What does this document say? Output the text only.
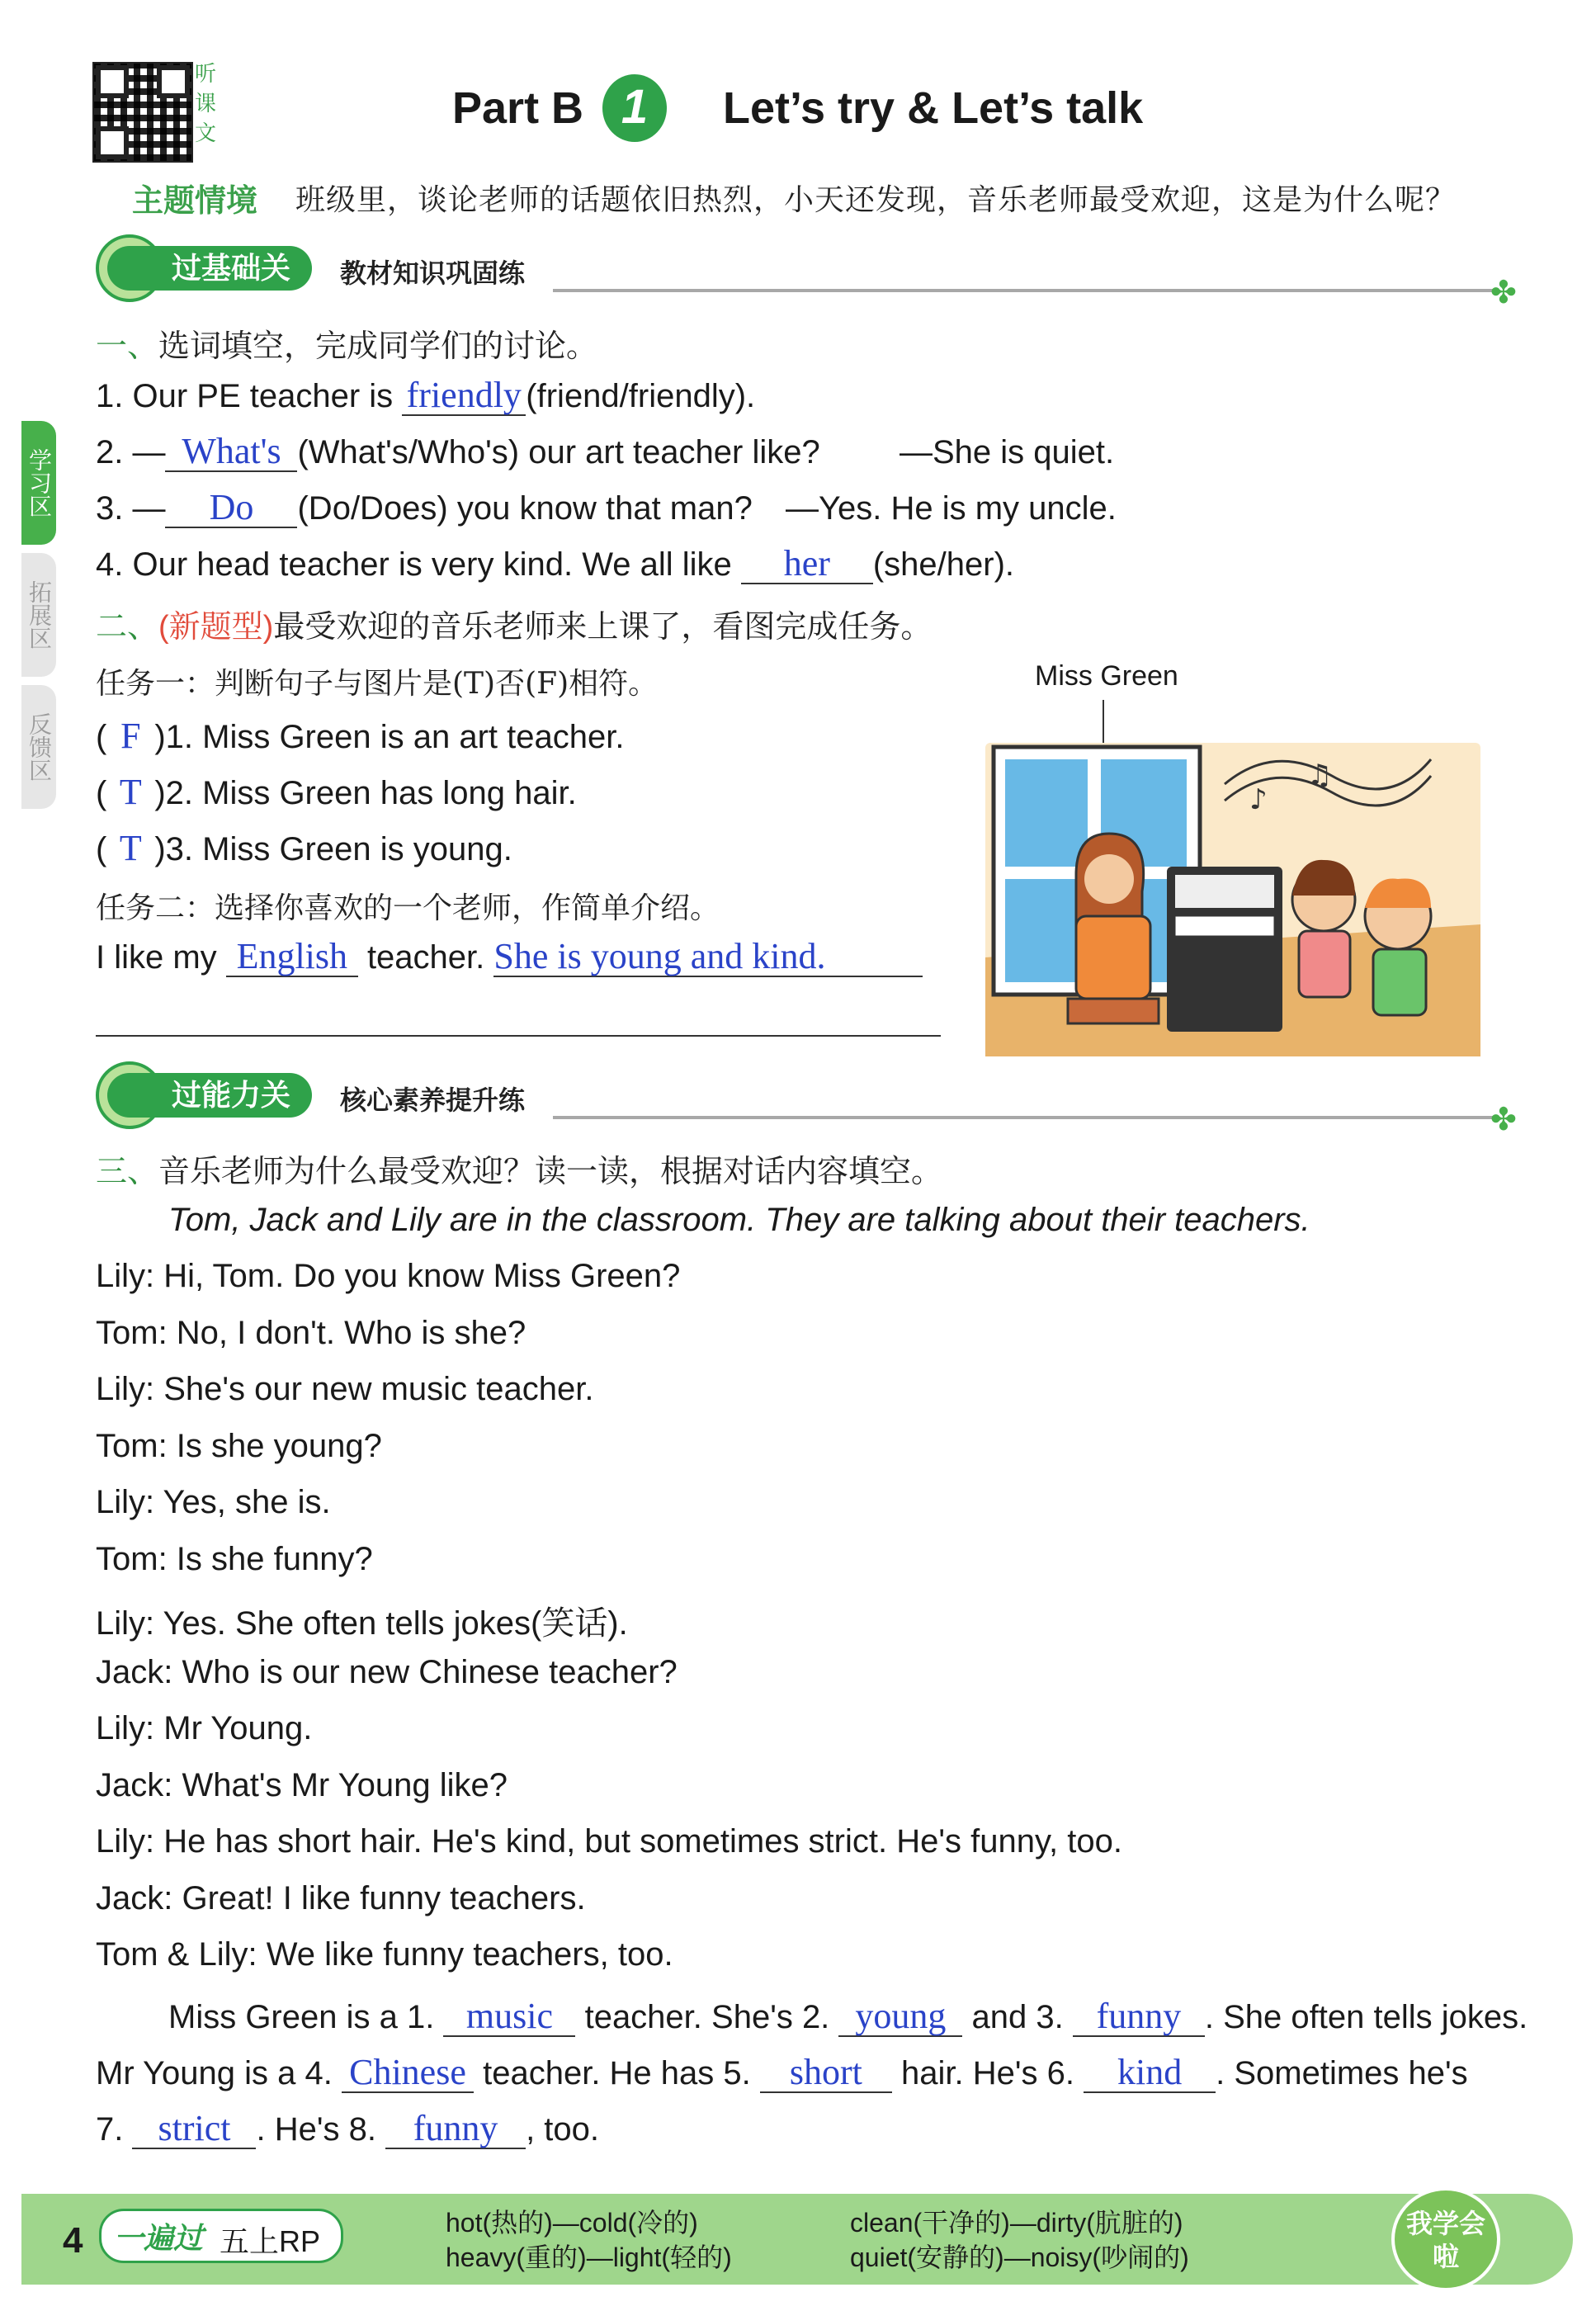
听课文
Part B 1	Let’s try & Let’s talk
主题情境 班级里，谈论老师的话题依旧热烈，小天还发现，音乐老师最受欢迎，这是为什么呢？
学习区
拓展区
反馈区
过基础关	教材知识巩固练
✤
一、选词填空，完成同学们的讨论。
1. Our PE teacher is friendly (friend/friendly).
2. — What's (What's/Who's) our art teacher like? —She is quiet.
3. — Do (Do/Does) you know that man? —Yes. He is my uncle.
4. Our head teacher is very kind. We all like her (she/her).
二、(新题型)最受欢迎的音乐老师来上课了，看图完成任务。
任务一：判断句子与图片是(T)否(F)相符。
( F )1. Miss Green is an art teacher.
( T )2. Miss Green has long hair.
( T )3. Miss Green is young.
任务二：选择你喜欢的一个老师，作简单介绍。
I like my English teacher. She is young and kind.
Miss Green
♪
♫
过能力关	核心素养提升练
✤
三、音乐老师为什么最受欢迎？读一读，根据对话内容填空。
Tom, Jack and Lily are in the classroom. They are talking about their teachers.
Lily: Hi, Tom. Do you know Miss Green?
Tom: No, I don't. Who is she?
Lily: She's our new music teacher.
Tom: Is she young?
Lily: Yes, she is.
Tom: Is she funny?
Lily: Yes. She often tells jokes(笑话).
Jack: Who is our new Chinese teacher?
Lily: Mr Young.
Jack: What's Mr Young like?
Lily: He has short hair. He's kind, but sometimes strict. He's funny, too.
Jack: Great! I like funny teachers.
Tom & Lily: We like funny teachers, too.
Miss Green is a 1. music teacher. She's 2. young and 3. funny . She often tells jokes.
Mr Young is a 4. Chinese teacher. He has 5. short hair. He's 6. kind . Sometimes he's
7. strict . He's 8. funny , too.
4 一遍过 五上RP
hot(热的)—cold(冷的)
heavy(重的)—light(轻的)
clean(干净的)—dirty(肮脏的)
quiet(安静的)—noisy(吵闹的)
我学会啦
